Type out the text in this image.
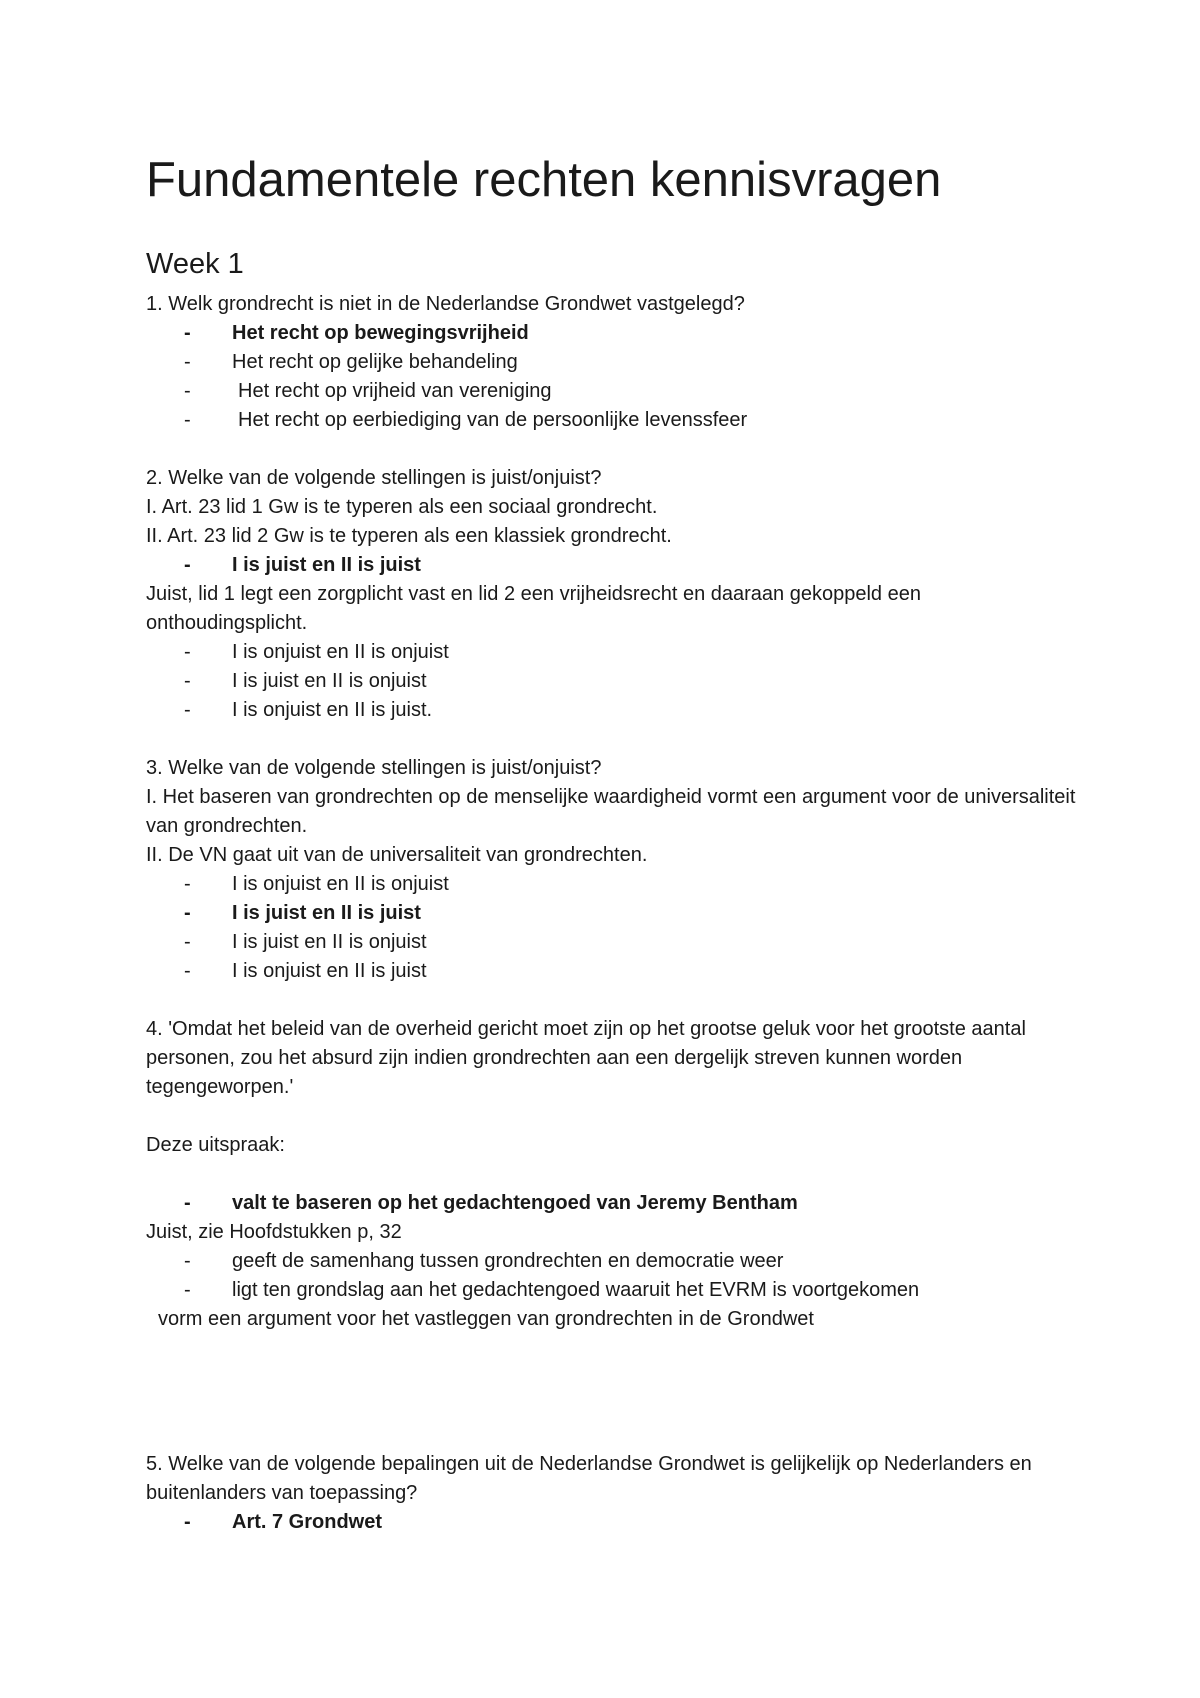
Fundamentele rechten kennisvragen
Week 1

1. Welk grondrecht is niet in de Nederlandse Grondwet vastgelegd?

- Het recht op bewegingsvrijheid
- Het recht op gelijke behandeling
- Het recht op vrijheid van vereniging
- Het recht op eerbiediging van de persoonlijke levenssfeer

2. Welke van de volgende stellingen is juist/onjuist?

I. Art. 23 lid 1 Gw is te typeren als een sociaal grondrecht.

II. Art. 23 lid 2 Gw is te typeren als een klassiek grondrecht.

- I is juist en II is juist

Juist, lid 1 legt een zorgplicht vast en lid 2 een vrijheidsrecht en daaraan gekoppeld een onthoudingsplicht.

- I is onjuist en II is onjuist
- I is juist en II is onjuist
- I is onjuist en II is juist.

3. Welke van de volgende stellingen is juist/onjuist?

I. Het baseren van grondrechten op de menselijke waardigheid vormt een argument voor de universaliteit van grondrechten.

II. De VN gaat uit van de universaliteit van grondrechten.

- I is onjuist en II is onjuist
- I is juist en II is juist
- I is juist en II is onjuist
- I is onjuist en II is juist

4. 'Omdat het beleid van de overheid gericht moet zijn op het grootse geluk voor het grootste aantal personen, zou het absurd zijn indien grondrechten aan een dergelijk streven kunnen worden tegengeworpen.'

Deze uitspraak:

- valt te baseren op het gedachtengoed van Jeremy Bentham

Juist, zie Hoofdstukken p, 32

- geeft de samenhang tussen grondrechten en democratie weer
- ligt ten grondslag aan het gedachtengoed waaruit het EVRM is voortgekomen

vorm een argument voor het vastleggen van grondrechten in de Grondwet

5. Welke van de volgende bepalingen uit de Nederlandse Grondwet is gelijkelijk op Nederlanders en buitenlanders van toepassing?

- Art. 7 Grondwet
